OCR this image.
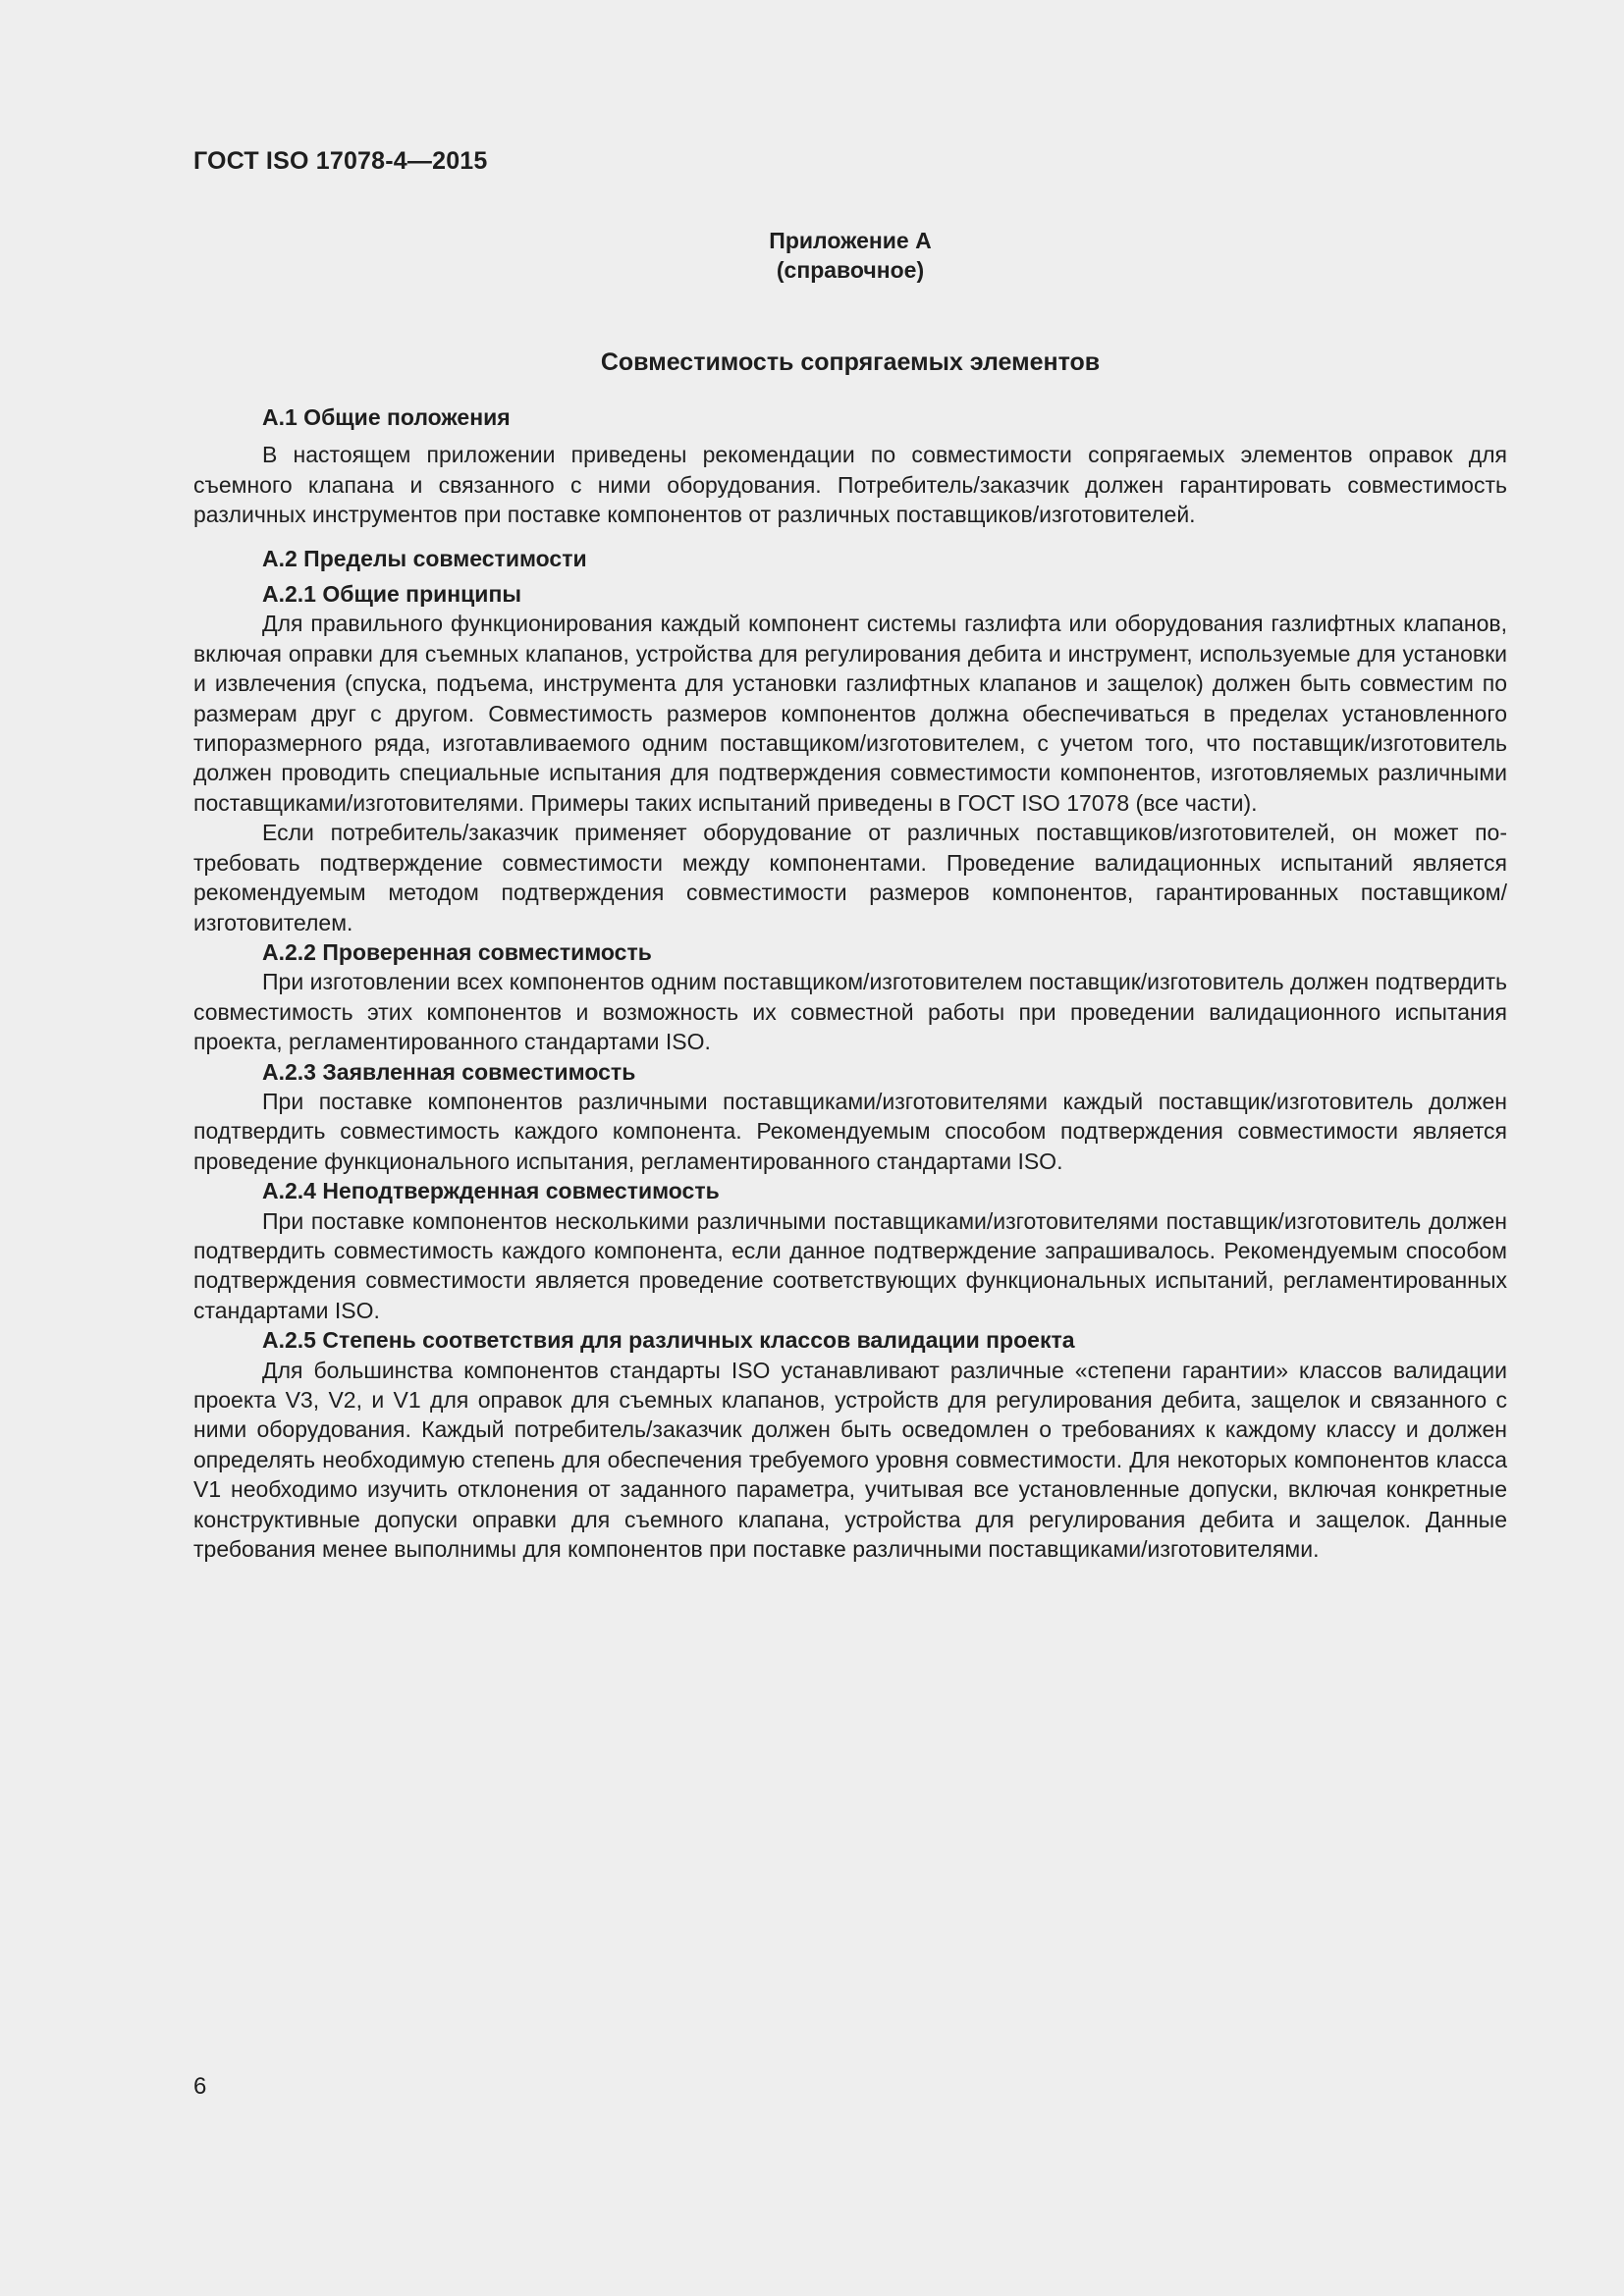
ГОСТ ISO 17078-4—2015

Приложение А
(справочное)
Совместимость сопрягаемых элементов
А.1 Общие положения

В настоящем приложении приведены рекомендации по совместимости сопрягаемых элементов оправок для съемного клапана и связанного с ними оборудования. Потребитель/заказчик должен гарантировать совместимость различных инструментов при поставке компонентов от различных поставщиков/изготовителей.

А.2 Пределы совместимости
А.2.1 Общие принципы

Для правильного функционирования каждый компонент системы газлифта или оборудования газлифтных клапанов, включая оправки для съемных клапанов, устройства для регулирования дебита и инструмент, используемые для установки и извлечения (спуска, подъема, инструмента для установки газлифтных клапанов и защелок) должен быть совместим по размерам друг с другом. Совместимость размеров компонентов должна обеспечиваться в пределах установленного типоразмерного ряда, изготавливаемого одним поставщиком/изготовителем, с учетом того, что поставщик/изготовитель должен проводить специальные испытания для подтверждения совместимости компонентов, изготовляемых различными поставщиками/изготовителями. Примеры таких испытаний приведены в ГОСТ ISO 17078 (все части).

Если потребитель/заказчик применяет оборудование от различных поставщиков/изготовителей, он может потребовать подтверждение совместимости между компонентами. Проведение валидационных испытаний является рекомендуемым методом подтверждения совместимости размеров компонентов, гарантированных поставщиком/ изготовителем.

А.2.2 Проверенная совместимость

При изготовлении всех компонентов одним поставщиком/изготовителем поставщик/изготовитель должен подтвердить совместимость этих компонентов и возможность их совместной работы при проведении валидационного испытания проекта, регламентированного стандартами ISO.

А.2.3 Заявленная совместимость

При поставке компонентов различными поставщиками/изготовителями каждый поставщик/изготовитель должен подтвердить совместимость каждого компонента. Рекомендуемым способом подтверждения совместимости является проведение функционального испытания, регламентированного стандартами ISO.

А.2.4 Неподтвержденная совместимость

При поставке компонентов несколькими различными поставщиками/изготовителями поставщик/изготовитель должен подтвердить совместимость каждого компонента, если данное подтверждение запрашивалось. Рекомендуемым способом подтверждения совместимости является проведение соответствующих функциональных испытаний, регламентированных стандартами ISO.

А.2.5 Степень соответствия для различных классов валидации проекта

Для большинства компонентов стандарты ISO устанавливают различные «степени гарантии» классов валидации проекта V3, V2, и V1 для оправок для съемных клапанов, устройств для регулирования дебита, защелок и связанного с ними оборудования. Каждый потребитель/заказчик должен быть осведомлен о требованиях к каждому классу и должен определять необходимую степень для обеспечения требуемого уровня совместимости. Для некоторых компонентов класса V1 необходимо изучить отклонения от заданного параметра, учитывая все установленные допуски, включая конкретные конструктивные допуски оправки для съемного клапана, устройства для регулирования дебита и защелок. Данные требования менее выполнимы для компонентов при поставке различными поставщиками/изготовителями.

6
